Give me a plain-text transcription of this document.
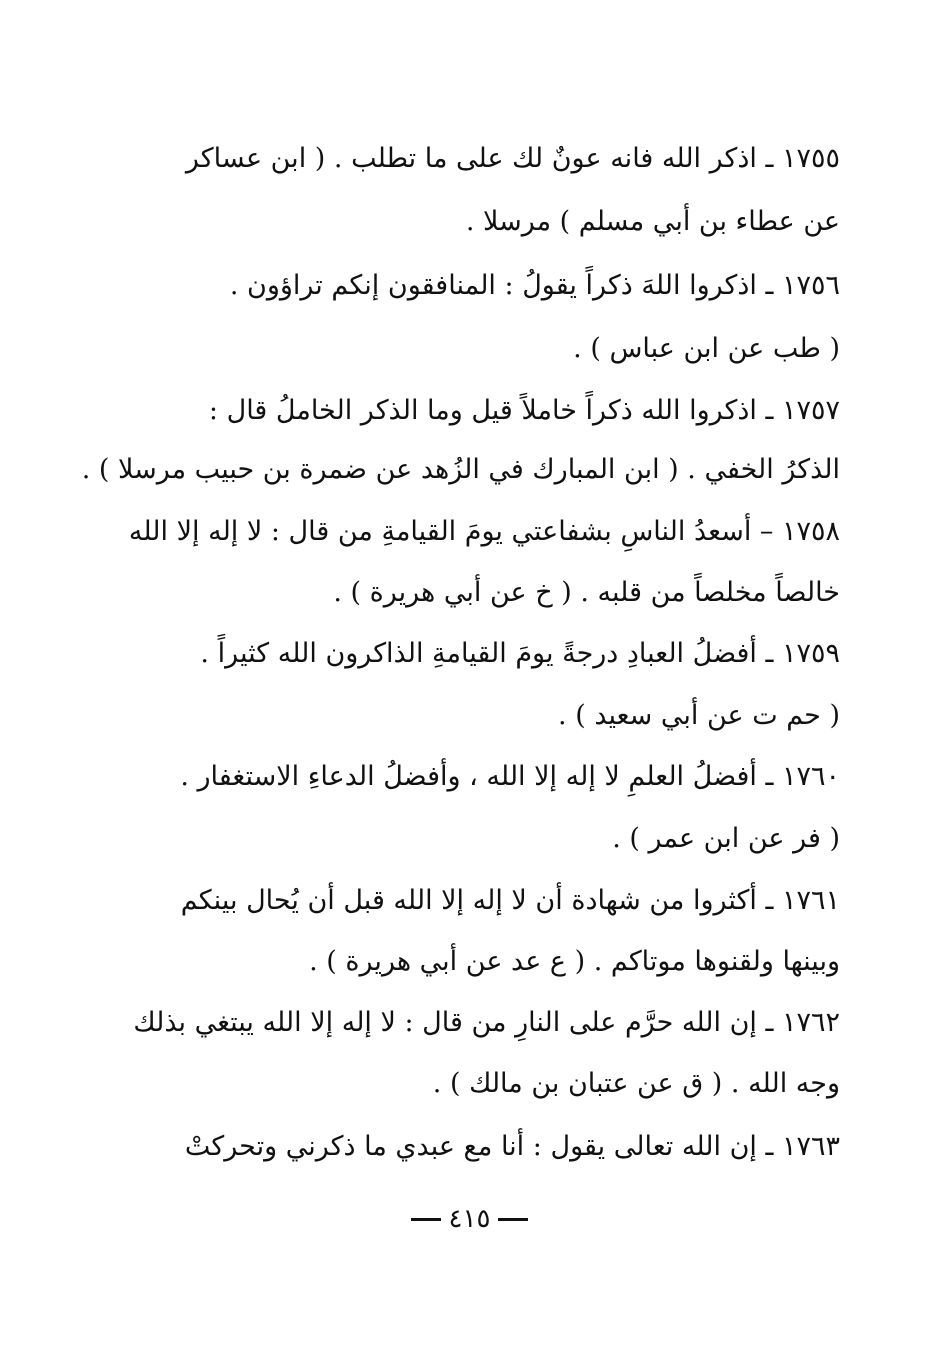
١٧٥٥ ـ اذكر الله فانه عونٌ لك على ما تطلب . ( ابن عساكر
عن عطاء بن أبي مسلم ) مرسلا .
١٧٥٦ ـ اذكروا اللهَ ذكراً يقولُ : المنافقون إنكم تراؤون .
( طب عن ابن عباس ) .
١٧٥٧ ـ اذكروا الله ذكراً خاملاً قيل وما الذكر الخاملُ قال :
الذكرُ الخفي . ( ابن المبارك في الزُهد عن ضمرة بن حبيب مرسلا ) .
١٧٥٨ – أسعدُ الناسِ بشفاعتي يومَ القيامةِ من قال : لا إله إلا الله
خالصاً مخلصاً من قلبه . ( خ عن أبي هريرة ) .
١٧٥٩ ـ أفضلُ العبادِ درجةً يومَ القيامةِ الذاكرون الله كثيراً .
( حم ت عن أبي سعيد ) .
١٧٦٠ ـ أفضلُ العلمِ لا إله إلا الله ، وأفضلُ الدعاءِ الاستغفار .
( فر عن ابن عمر ) .
١٧٦١ ـ أكثروا من شهادة أن لا إله إلا الله قبل أن يُحال بينكم
وبينها ولقنوها موتاكم . ( ع عد عن أبي هريرة ) .
١٧٦٢ ـ إن الله حرَّم على النارِ من قال : لا إله إلا الله يبتغي بذلك
وجه الله . ( ق عن عتبان بن مالك ) .
١٧٦٣ ـ إن الله تعالى يقول : أنا مع عبدي ما ذكرني وتحركتْ
٤١٥
